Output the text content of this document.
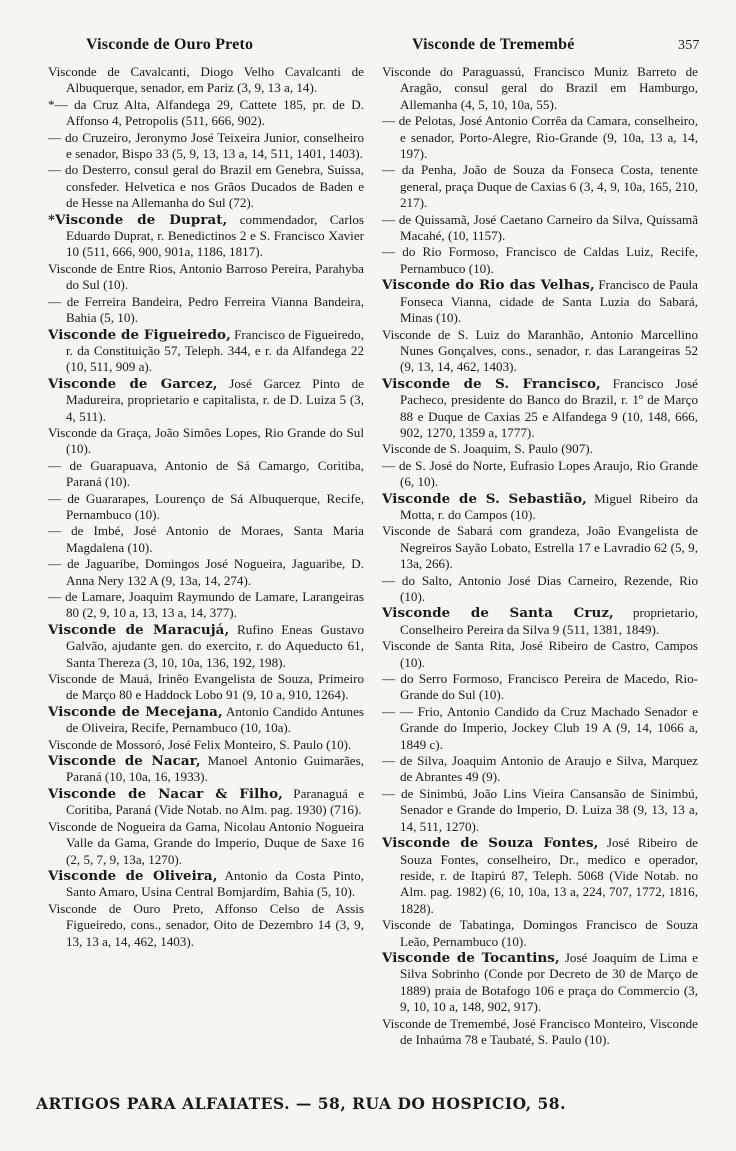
Visconde de Ouro Preto	Visconde de Tremembé	357

Visconde de Cavalcanti, Diogo Velho Cavalcanti de Albuquerque, senador, em Pariz (3, 9, 13 a, 14).

*— da Cruz Alta, Alfandega 29, Cattete 185, pr. de D. Affonso 4, Petropolis (511, 666, 902).

— do Cruzeiro, Jeronymo José Teixeira Junior, conselheiro e senador, Bispo 33 (5, 9, 13, 13 a, 14, 511, 1401, 1403).

— do Desterro, consul geral do Brazil em Genebra, Suissa, consfeder. Helvetica e nos Grãos Ducados de Baden e de Hesse na Allemanha do Sul (72).

*Visconde de Duprat, commendador, Carlos Eduardo Duprat, r. Benedictinos 2 e S. Francisco Xavier 10 (511, 666, 900, 901a, 1186, 1817).

Visconde de Entre Rios, Antonio Barroso Pereira, Parahyba do Sul (10).

— de Ferreira Bandeira, Pedro Ferreira Vianna Bandeira, Bahia (5, 10).

Visconde de Figueiredo, Francisco de Figueiredo, r. da Constituição 57, Teleph. 344, e r. da Alfandega 22 (10, 511, 909 a).

Visconde de Garcez, José Garcez Pinto de Madureira, proprietario e capitalista, r. de D. Luiza 5 (3, 4, 511).

Visconde da Graça, João Simões Lopes, Rio Grande do Sul (10).

— de Guarapuava, Antonio de Sá Camargo, Coritiba, Paraná (10).

— de Guararapes, Lourenço de Sá Albuquerque, Recife, Pernambuco (10).

— de Imbé, José Antonio de Moraes, Santa Maria Magdalena (10).

— de Jaguaribe, Domingos José Nogueira, Jaguaribe, D. Anna Nery 132 A (9, 13a, 14, 274).

— de Lamare, Joaquim Raymundo de Lamare, Larangeiras 80 (2, 9, 10 a, 13, 13 a, 14, 377).

Visconde de Maracujá, Rufino Eneas Gustavo Galvão, ajudante gen. do exercito, r. do Aqueducto 61, Santa Thereza (3, 10, 10a, 136, 192, 198).

Visconde de Mauá, Irinêo Evangelista de Souza, Primeiro de Março 80 e Haddock Lobo 91 (9, 10 a, 910, 1264).

Visconde de Mecejana, Antonio Candido Antunes de Oliveira, Recife, Pernambuco (10, 10a).

Visconde de Mossoró, José Felix Monteiro, S. Paulo (10).

Visconde de Nacar, Manoel Antonio Guimarães, Paraná (10, 10a, 16, 1933).

Visconde de Nacar & Filho, Paranaguá e Coritiba, Paraná (Vide Notab. no Alm. pag. 1930) (716).

Visconde de Nogueira da Gama, Nicolau Antonio Nogueira Valle da Gama, Grande do Imperio, Duque de Saxe 16 (2, 5, 7, 9, 13a, 1270).

Visconde de Oliveira, Antonio da Costa Pinto, Santo Amaro, Usina Central Bomjardim, Bahia (5, 10).

Visconde de Ouro Preto, Affonso Celso de Assis Figueiredo, cons., senador, Oito de Dezembro 14 (3, 9, 13, 13 a, 14, 462, 1403).

Visconde do Paraguassú, Francisco Muniz Barreto de Aragão, consul geral do Brazil em Hamburgo, Allemanha (4, 5, 10, 10a, 55).

— de Pelotas, José Antonio Corrêa da Camara, conselheiro, e senador, Porto-Alegre, Rio-Grande (9, 10a, 13 a, 14, 197).

— da Penha, João de Souza da Fonseca Costa, tenente general, praça Duque de Caxias 6 (3, 4, 9, 10a, 165, 210, 217).

— de Quissamã, José Caetano Carneiro da Silva, Quissamã Macahé, (10, 1157).

— do Rio Formoso, Francisco de Caldas Luiz, Recife, Pernambuco (10).

Visconde do Rio das Velhas, Francisco de Paula Fonseca Vianna, cidade de Santa Luzia do Sabará, Minas (10).

Visconde de S. Luiz do Maranhão, Antonio Marcellino Nunes Gonçalves, cons., senador, r. das Larangeiras 52 (9, 13, 14, 462, 1403).

Visconde de S. Francisco, Francisco José Pacheco, presidente do Banco do Brazil, r. 1º de Março 88 e Duque de Caxias 25 e Alfandega 9 (10, 148, 666, 902, 1270, 1359 a, 1777).

Visconde de S. Joaquim, S. Paulo (907).

— de S. José do Norte, Eufrasio Lopes Araujo, Rio Grande (6, 10).

Visconde de S. Sebastião, Miguel Ribeiro da Motta, r. do Campos (10).

Visconde de Sabará com grandeza, João Evangelista de Negreiros Sayão Lobato, Estrella 17 e Lavradio 62 (5, 9, 13a, 266).

— do Salto, Antonio José Dias Carneiro, Rezende, Rio (10).

Visconde de Santa Cruz, proprietario, Conselheiro Pereira da Silva 9 (511, 1381, 1849).

Visconde de Santa Rita, José Ribeiro de Castro, Campos (10).

— do Serro Formoso, Francisco Pereira de Macedo, Rio-Grande do Sul (10).

— — Frio, Antonio Candido da Cruz Machado Senador e Grande do Imperio, Jockey Club 19 A (9, 14, 1066 a, 1849 c).

— de Silva, Joaquim Antonio de Araujo e Silva, Marquez de Abrantes 49 (9).

— de Sinimbú, João Lins Vieira Cansansão de Sinimbú, Senador e Grande do Imperio, D. Luiza 38 (9, 13, 13 a, 14, 511, 1270).

Visconde de Souza Fontes, José Ribeiro de Souza Fontes, conselheiro, Dr., medico e operador, reside, r. de Itapirú 87, Teleph. 5068 (Vide Notab. no Alm. pag. 1982) (6, 10, 10a, 13 a, 224, 707, 1772, 1816, 1828).

Visconde de Tabatinga, Domingos Francisco de Souza Leão, Pernambuco (10).

Visconde de Tocantins, José Joaquim de Lima e Silva Sobrinho (Conde por Decreto de 30 de Março de 1889) praia de Botafogo 106 e praça do Commercio (3, 9, 10, 10 a, 148, 902, 917).

Visconde de Tremembé, José Francisco Monteiro, Visconde de Inhaúma 78 e Taubaté, S. Paulo (10).

ARTIGOS PARA ALFAIATES. — 58, RUA DO HOSPICIO, 58.
